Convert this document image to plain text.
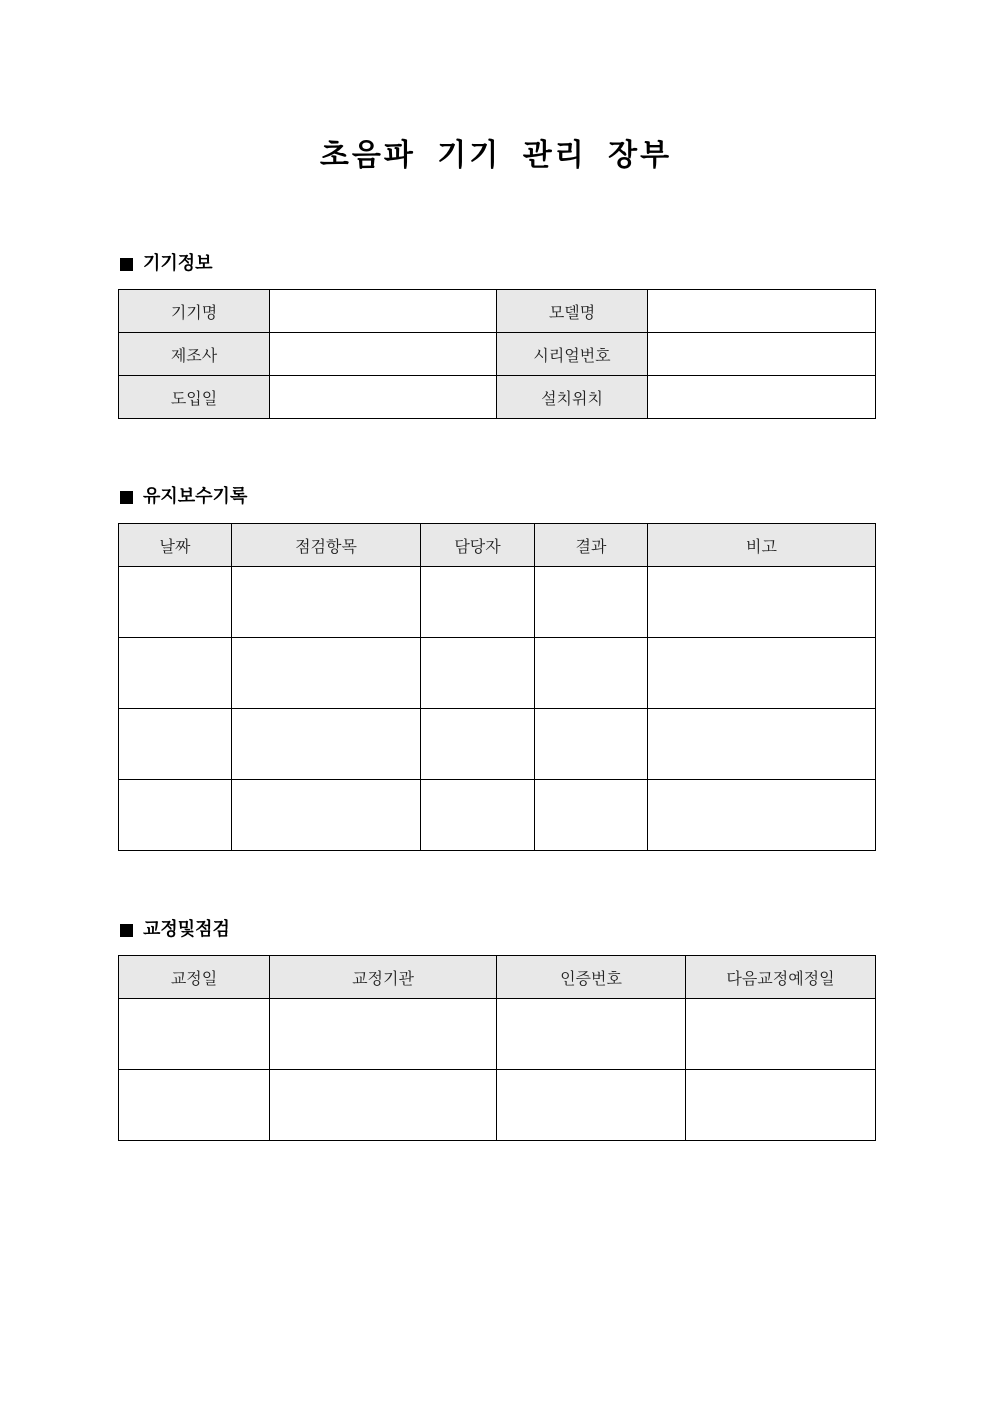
초음파 기기 관리 장부
기기정보
기기명		모델명	
제조사		시리얼번호	
도입일		설치위치	
유지보수기록
날짜	점검항목	담당자	결과	비고

교정및점검
교정일	교정기관	인증번호	다음교정예정일
